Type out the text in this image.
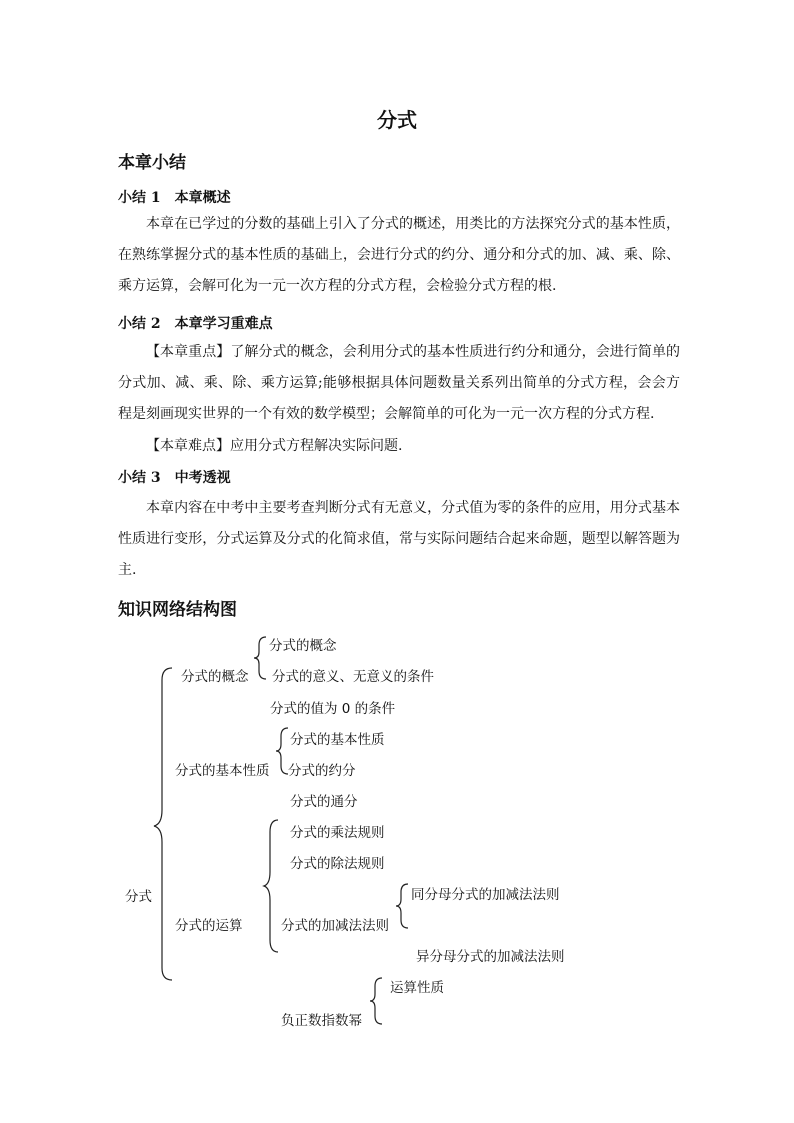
分式
本章小结
小结 1　本章概述

本章在已学过的分数的基础上引入了分式的概述，用类比的方法探究分式的基本性质，在熟练掌握分式的基本性质的基础上，会进行分式的约分、通分和分式的加、减、乘、除、乘方运算，会解可化为一元一次方程的分式方程，会检验分式方程的根.

小结 2　本章学习重难点

【本章重点】了解分式的概念，会利用分式的基本性质进行约分和通分，会进行简单的分式加、减、乘、除、乘方运算;能够根据具体问题数量关系列出简单的分式方程，会会方程是刻画现实世界的一个有效的数学模型；会解简单的可化为一元一次方程的分式方程.

【本章难点】应用分式方程解决实际问题.

小结 3　中考透视

本章内容在中考中主要考查判断分式有无意义，分式值为零的条件的应用，用分式基本性质进行变形，分式运算及分式的化简求值，常与实际问题结合起来命题，题型以解答题为主.

知识网络结构图
分式
分式的概念
分式的概念
分式的意义、无意义的条件
分式的值为 0 的条件
分式的基本性质
分式的基本性质
分式的约分
分式的通分
分式的运算
分式的乘法规则
分式的除法规则
分式的加减法法则
同分母分式的加减法法则
异分母分式的加减法法则
负正数指数幂
运算性质
